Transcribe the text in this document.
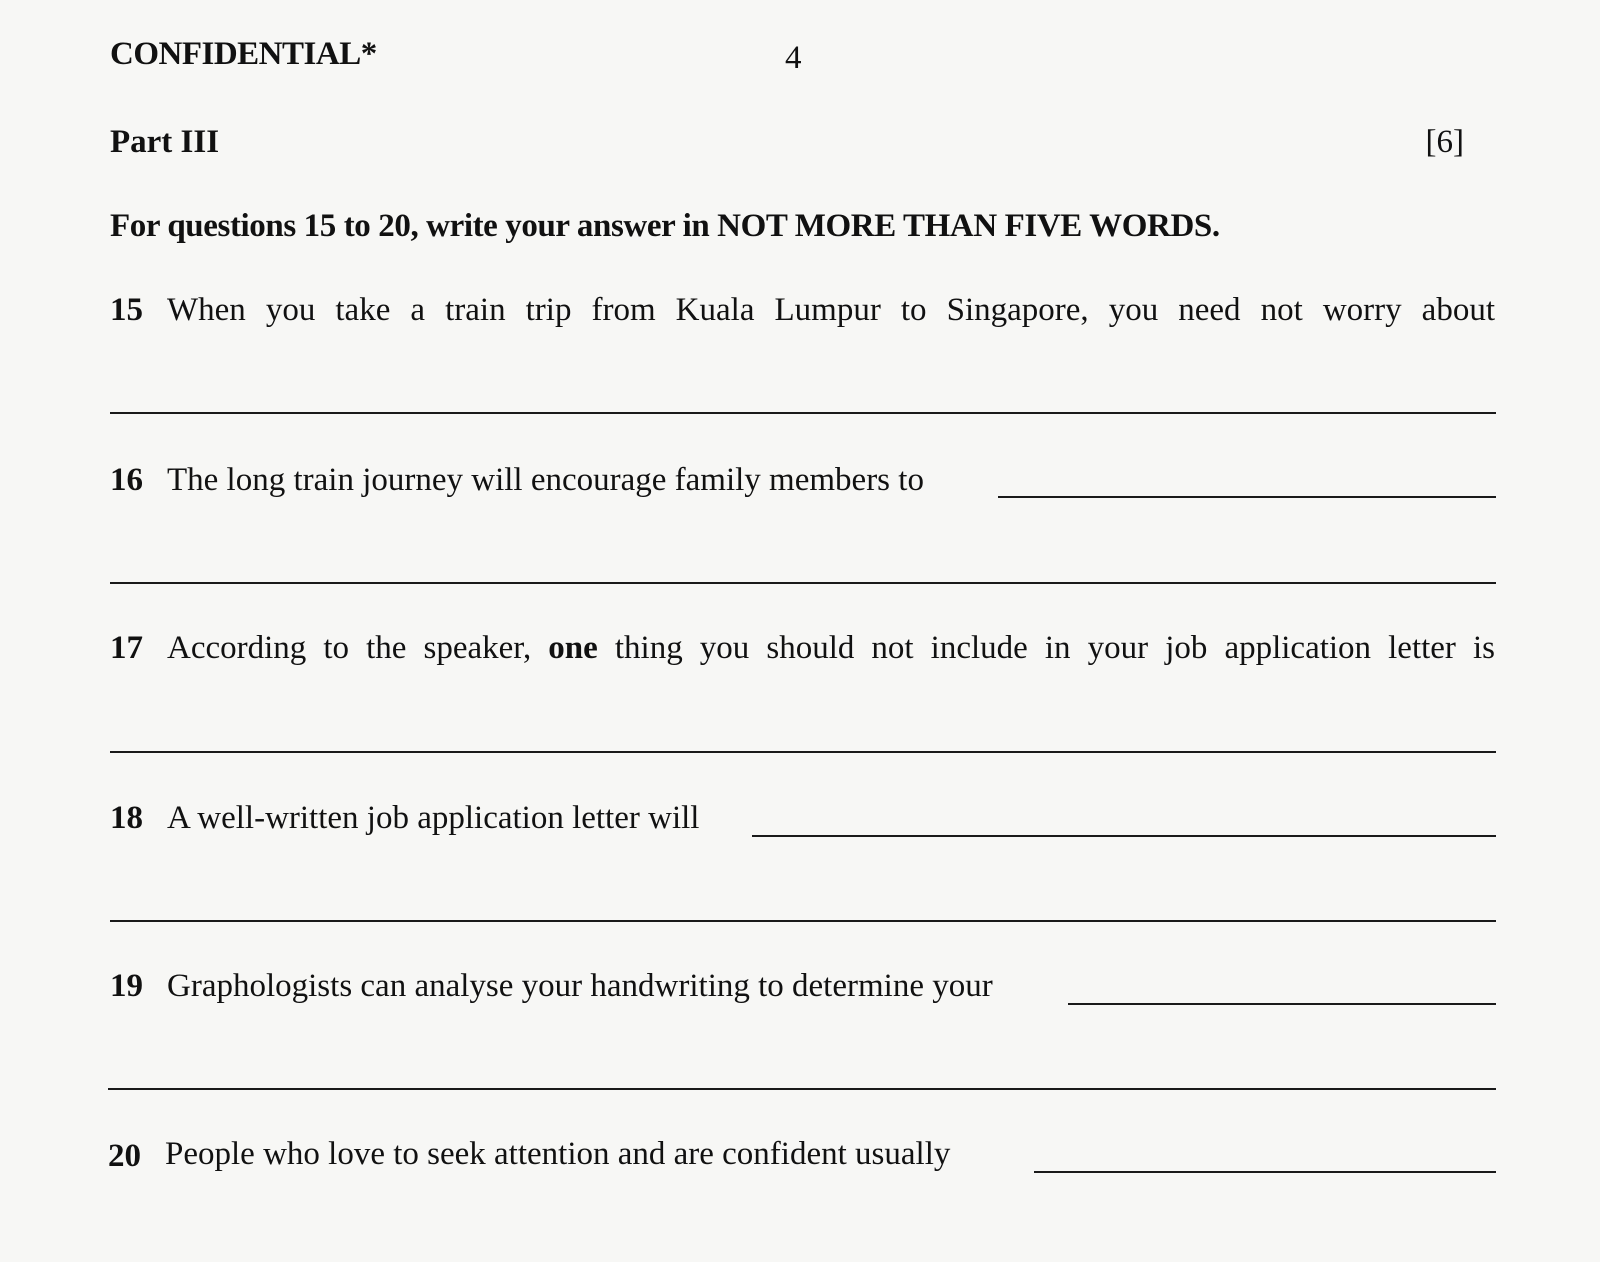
CONFIDENTIAL*	4
Part III	[6]
For questions 15 to 20, write your answer in NOT MORE THAN FIVE WORDS.
15 When you take a train trip from Kuala Lumpur to Singapore, you need not worry about
16 The long train journey will encourage family members to
17 According to the speaker, one thing you should not include in your job application letter is
18 A well-written job application letter will
19 Graphologists can analyse your handwriting to determine your
20 People who love to seek attention and are confident usually
